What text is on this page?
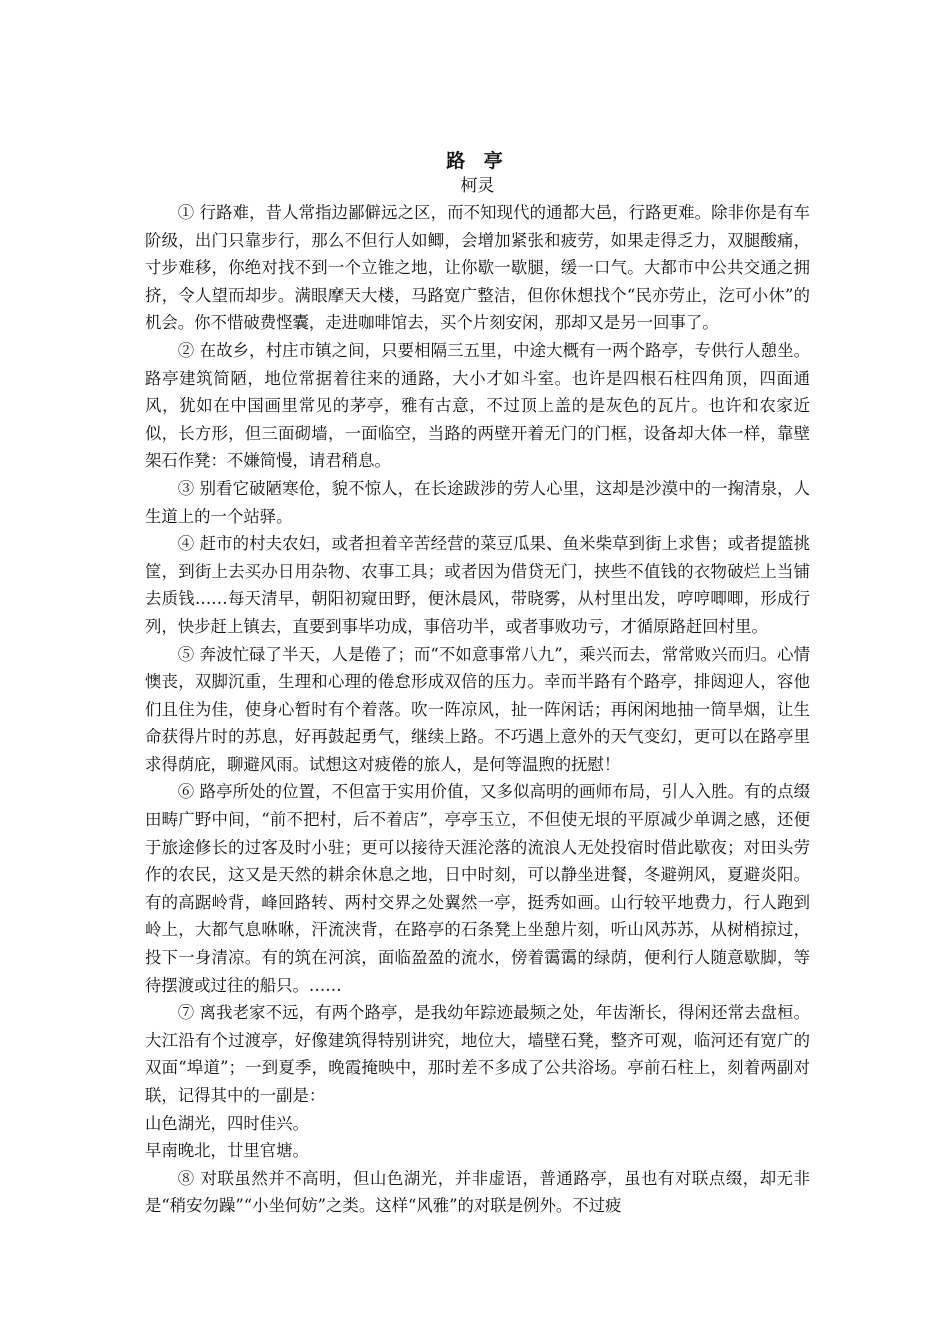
路 亭
柯灵

① 行路难，昔人常指边鄙僻远之区，而不知现代的通都大邑，行路更难。除非你是有车阶级，出门只靠步行，那么不但行人如鲫，会增加紧张和疲劳，如果走得乏力，双腿酸痛，寸步难移，你绝对找不到一个立锥之地，让你歇一歇腿，缓一口气。大都市中公共交通之拥挤，令人望而却步。满眼摩天大楼，马路宽广整洁，但你休想找个“民亦劳止，汔可小休”的机会。你不惜破费悭囊，走进咖啡馆去，买个片刻安闲，那却又是另一回事了。

② 在故乡，村庄市镇之间，只要相隔三五里，中途大概有一两个路亭，专供行人憩坐。路亭建筑简陋，地位常据着往来的通路，大小才如斗室。也许是四根石柱四角顶，四面通风，犹如在中国画里常见的茅亭，雅有古意，不过顶上盖的是灰色的瓦片。也许和农家近似，长方形，但三面砌墙，一面临空，当路的两壁开着无门的门框，设备却大体一样，靠壁架石作凳：不嫌简慢，请君稍息。

③ 别看它破陋寒伧，貌不惊人，在长途跋涉的劳人心里，这却是沙漠中的一掬清泉，人生道上的一个站驿。

④ 赶市的村夫农妇，或者担着辛苦经营的菜豆瓜果、鱼米柴草到街上求售；或者提篮挑筐，到街上去买办日用杂物、农事工具；或者因为借贷无门，挟些不值钱的衣物破烂上当铺去质钱……每天清早，朝阳初窥田野，便沐晨风，带晓雾，从村里出发，哼哼唧唧，形成行列，快步赶上镇去，直要到事毕功成，事倍功半，或者事败功亏，才循原路赶回村里。

⑤ 奔波忙碌了半天，人是倦了；而“不如意事常八九”，乘兴而去，常常败兴而归。心情懊丧，双脚沉重，生理和心理的倦怠形成双倍的压力。幸而半路有个路亭，排闼迎人，容他们且住为佳，使身心暂时有个着落。吹一阵凉风，扯一阵闲话；再闲闲地抽一筒旱烟，让生命获得片时的苏息，好再鼓起勇气，继续上路。不巧遇上意外的天气变幻，更可以在路亭里求得荫庇，聊避风雨。试想这对疲倦的旅人，是何等温煦的抚慰！

⑥ 路亭所处的位置，不但富于实用价值，又多似高明的画师布局，引人入胜。有的点缀田畴广野中间，“前不把村，后不着店”，亭亭玉立，不但使无垠的平原减少单调之感，还便于旅途修长的过客及时小驻；更可以接待天涯沦落的流浪人无处投宿时借此歇夜；对田头劳作的农民，这又是天然的耕余休息之地，日中时刻，可以静坐进餐，冬避朔风，夏避炎阳。有的高踞岭背，峰回路转、两村交界之处翼然一亭，挺秀如画。山行较平地费力，行人跑到岭上，大都气息咻咻，汗流浃背，在路亭的石条凳上坐憩片刻，听山风苏苏，从树梢掠过，投下一身清凉。有的筑在河滨，面临盈盈的流水，傍着霭霭的绿荫，便利行人随意歇脚，等待摆渡或过往的船只。……

⑦ 离我老家不远，有两个路亭，是我幼年踪迹最频之处，年齿渐长，得闲还常去盘桓。大江沿有个过渡亭，好像建筑得特别讲究，地位大，墙壁石凳，整齐可观，临河还有宽广的双面“埠道”；一到夏季，晚霞掩映中，那时差不多成了公共浴场。亭前石柱上，刻着两副对联，记得其中的一副是：

山色湖光，四时佳兴。

早南晚北，廿里官塘。

⑧ 对联虽然并不高明，但山色湖光，并非虚语，普通路亭，虽也有对联点缀，却无非是“稍安勿躁”“小坐何妨”之类。这样“风雅”的对联是例外。不过疲
